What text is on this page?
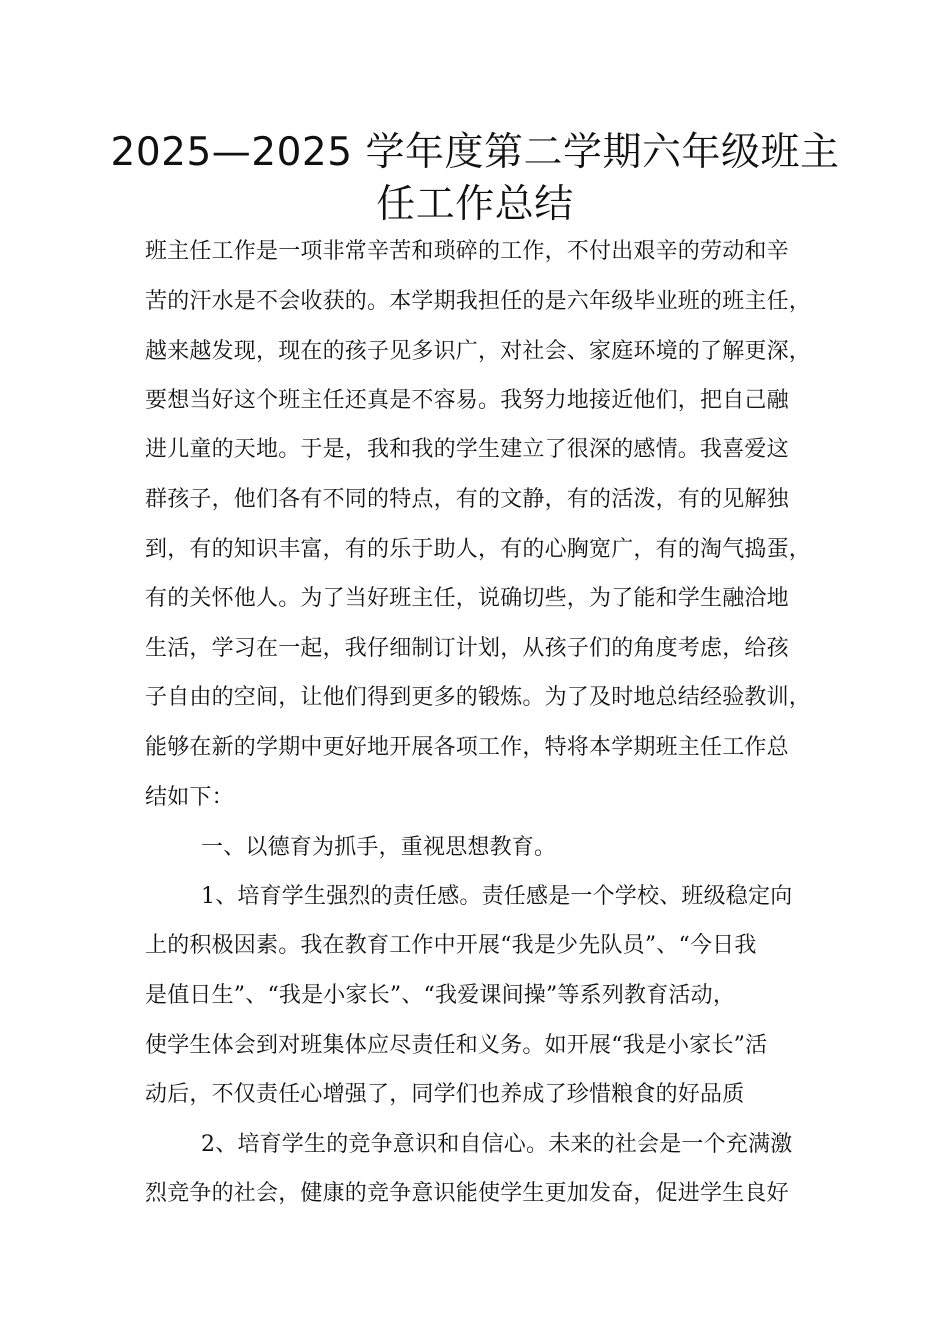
2025—2025 学年度第二学期六年级班主
任工作总结
班主任工作是一项非常辛苦和琐碎的工作，不付出艰辛的劳动和辛
苦的汗水是不会收获的。本学期我担任的是六年级毕业班的班主任，
越来越发现，现在的孩子见多识广，对社会、家庭环境的了解更深，
要想当好这个班主任还真是不容易。我努力地接近他们，把自己融
进儿童的天地。于是，我和我的学生建立了很深的感情。我喜爱这
群孩子，他们各有不同的特点，有的文静，有的活泼，有的见解独
到，有的知识丰富，有的乐于助人，有的心胸宽广，有的淘气捣蛋，
有的关怀他人。为了当好班主任，说确切些，为了能和学生融洽地
生活，学习在一起，我仔细制订计划，从孩子们的角度考虑，给孩
子自由的空间，让他们得到更多的锻炼。为了及时地总结经验教训，
能够在新的学期中更好地开展各项工作，特将本学期班主任工作总
结如下：
一、以德育为抓手，重视思想教育。
1、培育学生强烈的责任感。责任感是一个学校、班级稳定向
上的积极因素。我在教育工作中开展“我是少先队员”、“今日我
是值日生”、“我是小家长”、“我爱课间操”等系列教育活动，
使学生体会到对班集体应尽责任和义务。如开展“我是小家长”活
动后，不仅责任心增强了，同学们也养成了珍惜粮食的好品质
2、培育学生的竞争意识和自信心。未来的社会是一个充满激
烈竞争的社会，健康的竞争意识能使学生更加发奋，促进学生良好
